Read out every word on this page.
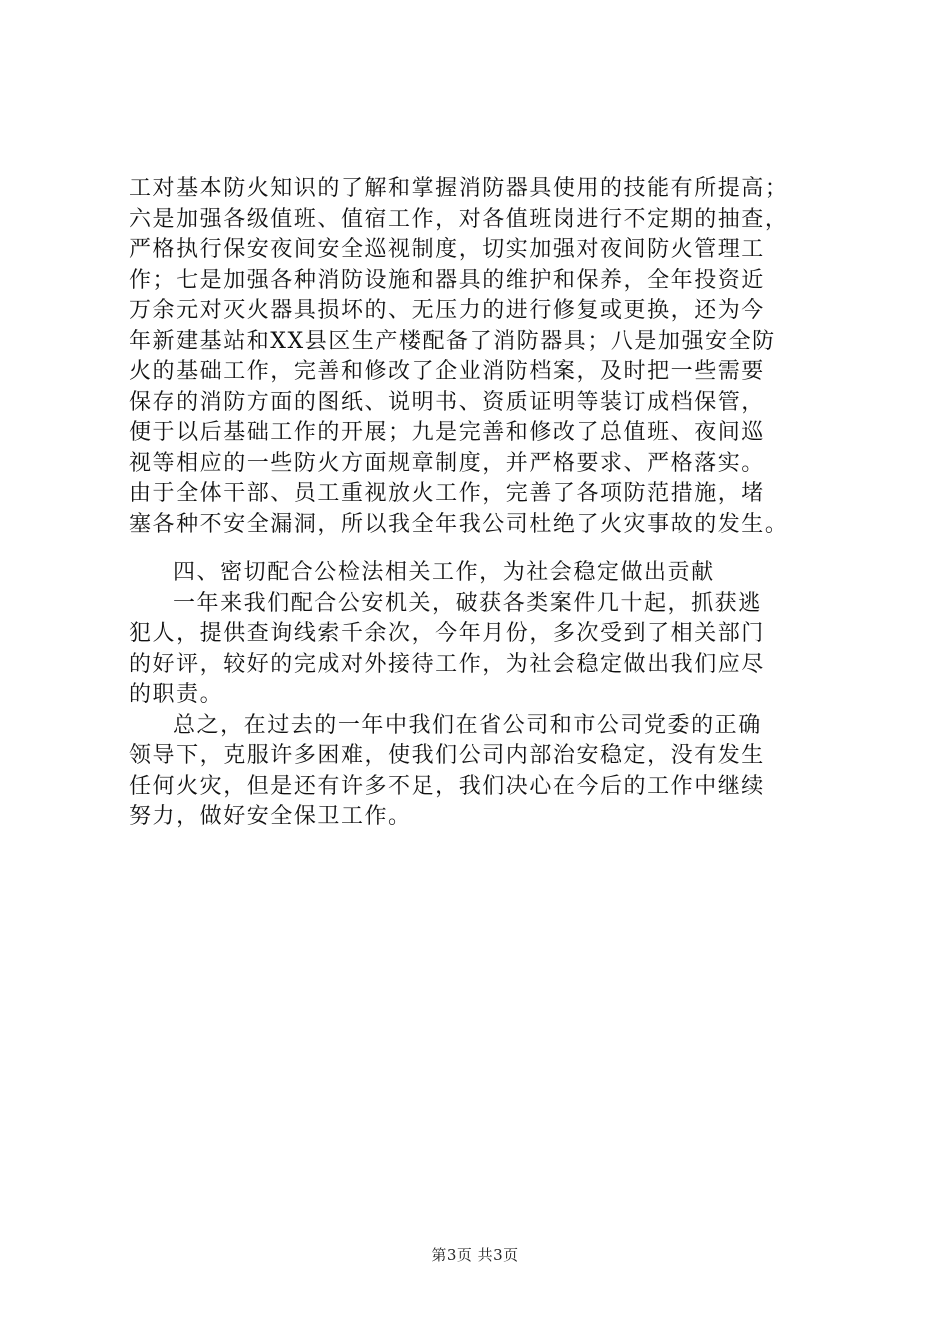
工对基本防火知识的了解和掌握消防器具使用的技能有所提高；
六是加强各级值班、值宿工作，对各值班岗进行不定期的抽查，
严格执行保安夜间安全巡视制度，切实加强对夜间防火管理工
作；七是加强各种消防设施和器具的维护和保养，全年投资近
万余元对灭火器具损坏的、无压力的进行修复或更换，还为今
年新建基站和XX县区生产楼配备了消防器具；八是加强安全防
火的基础工作，完善和修改了企业消防档案，及时把一些需要
保存的消防方面的图纸、说明书、资质证明等装订成档保管，
便于以后基础工作的开展；九是完善和修改了总值班、夜间巡
视等相应的一些防火方面规章制度，并严格要求、严格落实。
由于全体干部、员工重视放火工作，完善了各项防范措施，堵
塞各种不安全漏洞，所以我全年我公司杜绝了火灾事故的发生。
四、密切配合公检法相关工作，为社会稳定做出贡献
一年来我们配合公安机关，破获各类案件几十起，抓获逃
犯人，提供查询线索千余次，今年月份，多次受到了相关部门
的好评，较好的完成对外接待工作，为社会稳定做出我们应尽
的职责。
总之，在过去的一年中我们在省公司和市公司党委的正确
领导下，克服许多困难，使我们公司内部治安稳定，没有发生
任何火灾，但是还有许多不足，我们决心在今后的工作中继续
努力，做好安全保卫工作。
第3页 共3页
